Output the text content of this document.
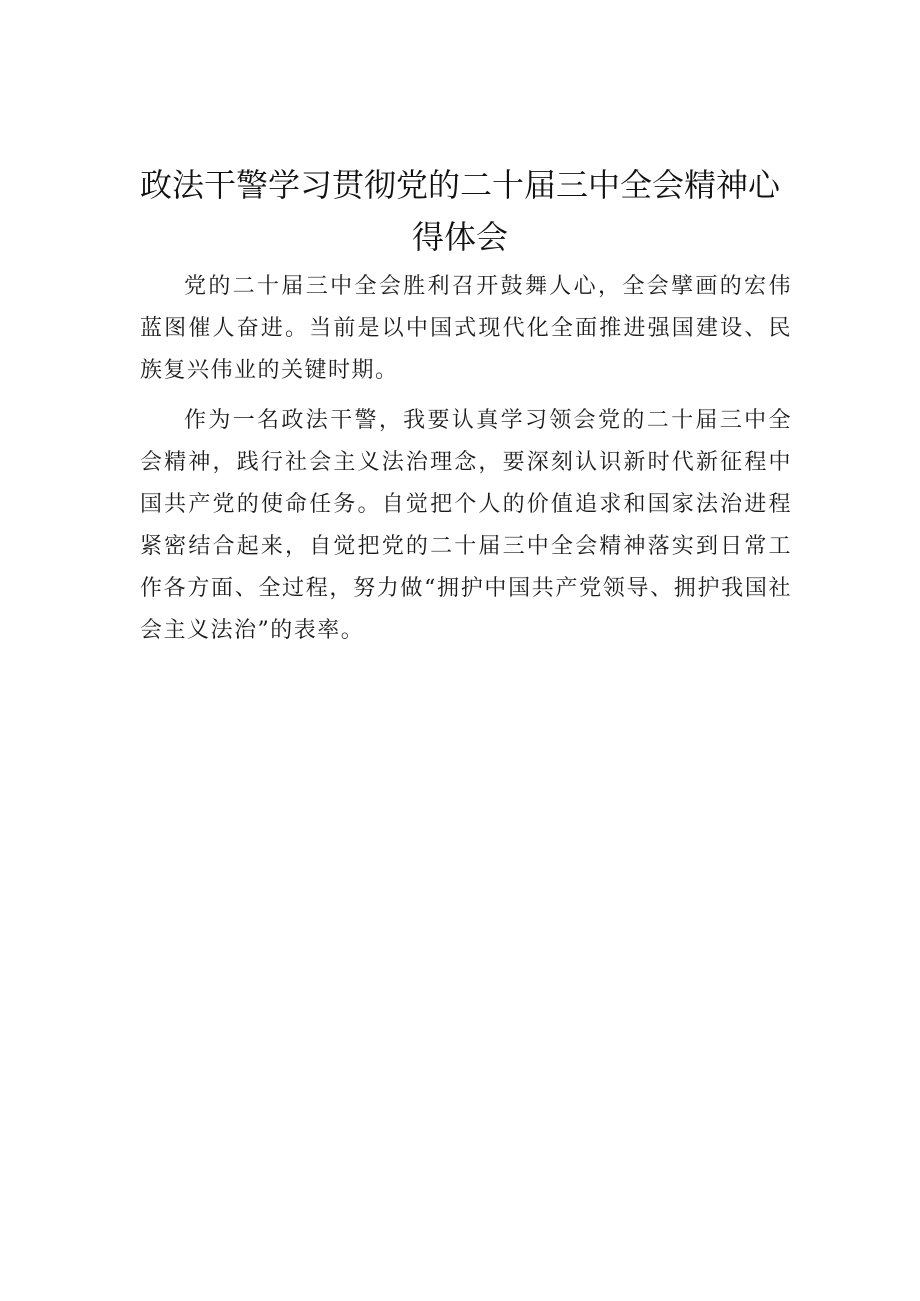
政法干警学习贯彻党的二十届三中全会精神心
得体会

党的二十届三中全会胜利召开鼓舞人心，全会擘画的宏伟蓝图催人奋进。当前是以中国式现代化全面推进强国建设、民族复兴伟业的关键时期。

作为一名政法干警，我要认真学习领会党的二十届三中全会精神，践行社会主义法治理念，要深刻认识新时代新征程中国共产党的使命任务。自觉把个人的价值追求和国家法治进程紧密结合起来，自觉把党的二十届三中全会精神落实到日常工作各方面、全过程，努力做“拥护中国共产党领导、拥护我国社会主义法治”的表率。
